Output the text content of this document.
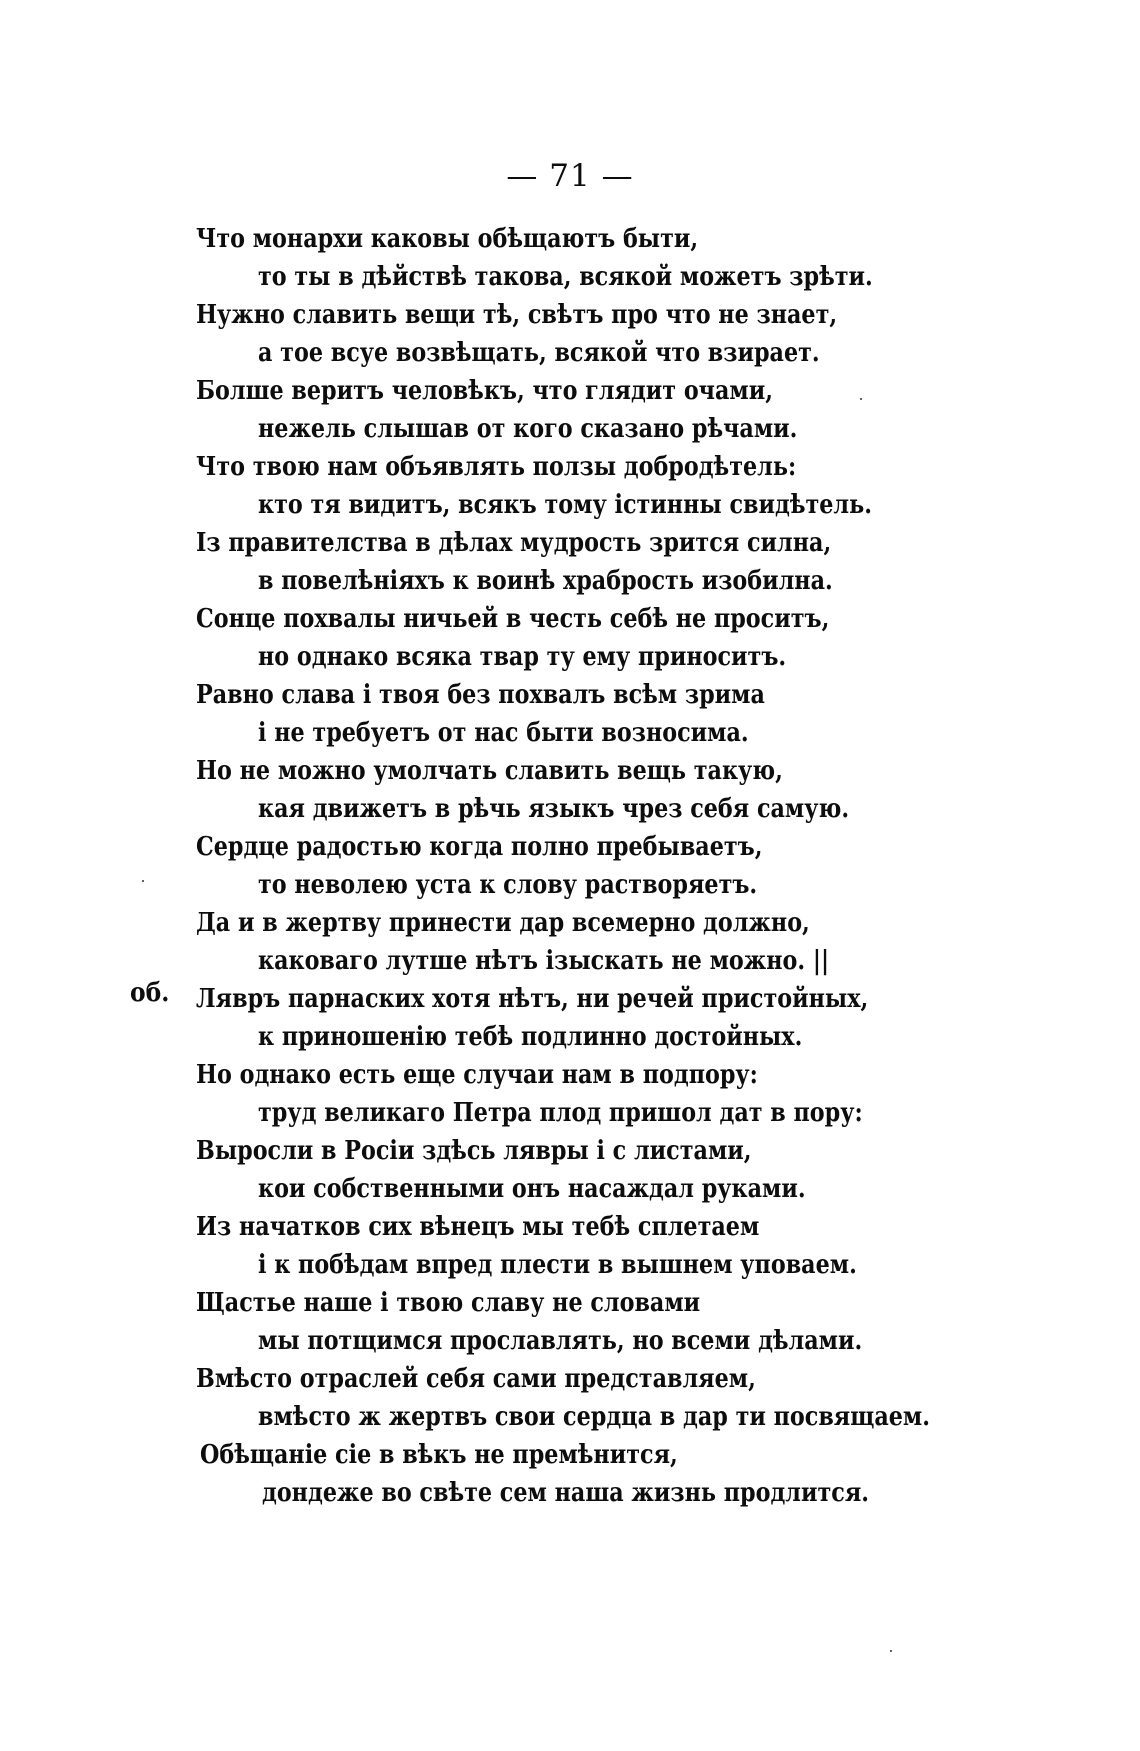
— 71 —
об.
Что монархи каковы обѣщаютъ быти,
то ты в дѣйствѣ такова, всякой можетъ зрѣти.
Нужно славить вещи тѣ, свѣтъ про что не знает,
а тое всуе возвѣщать, всякой что взирает.
Болше веритъ человѣкъ, что глядит очами,
нежель слышав от кого сказано рѣчами.
Что твою нам объявлять ползы добродѣтель:
кто тя видитъ, всякъ тому істинны свидѣтель.
Із правителства в дѣлах мудрость зрится силна,
в повелѣніяхъ к воинѣ храбрость изобилна.
Сонце похвалы ничьей в честь себѣ не проситъ,
но однако всяка твар ту ему приноситъ.
Равно слава і твоя без похвалъ всѣм зрима
і не требуетъ от нас быти возносима.
Но не можно умолчать славить вещь такую,
кая движетъ в рѣчь языкъ чрез себя самую.
Сердце радостью когда полно пребываетъ,
то неволею уста к слову растворяетъ.
Да и в жертву принести дар всемерно должно,
каковаго лутше нѣтъ ізыскать не можно. ||
Лявръ парнаских хотя нѣтъ, ни речей пристойных,
к приношенію тебѣ подлинно достойных.
Но однако есть еще случаи нам в подпору:
труд великаго Петра плод пришол дат в пору:
Выросли в Росіи здѣсь лявры і с листами,
кои собственными онъ насаждал руками.
Из начатков сих вѣнецъ мы тебѣ сплетаем
і к побѣдам впред плести в вышнем уповаем.
Щастье наше і твою славу не словами
мы потщимся прославлять, но всеми дѣлами.
Вмѣсто отраслей себя сами представляем,
вмѣсто ж жертвъ свои сердца в дар ти посвящаем.
Обѣщаніе сіе в вѣкъ не премѣнится,
дондеже во свѣте сем наша жизнь продлится.
